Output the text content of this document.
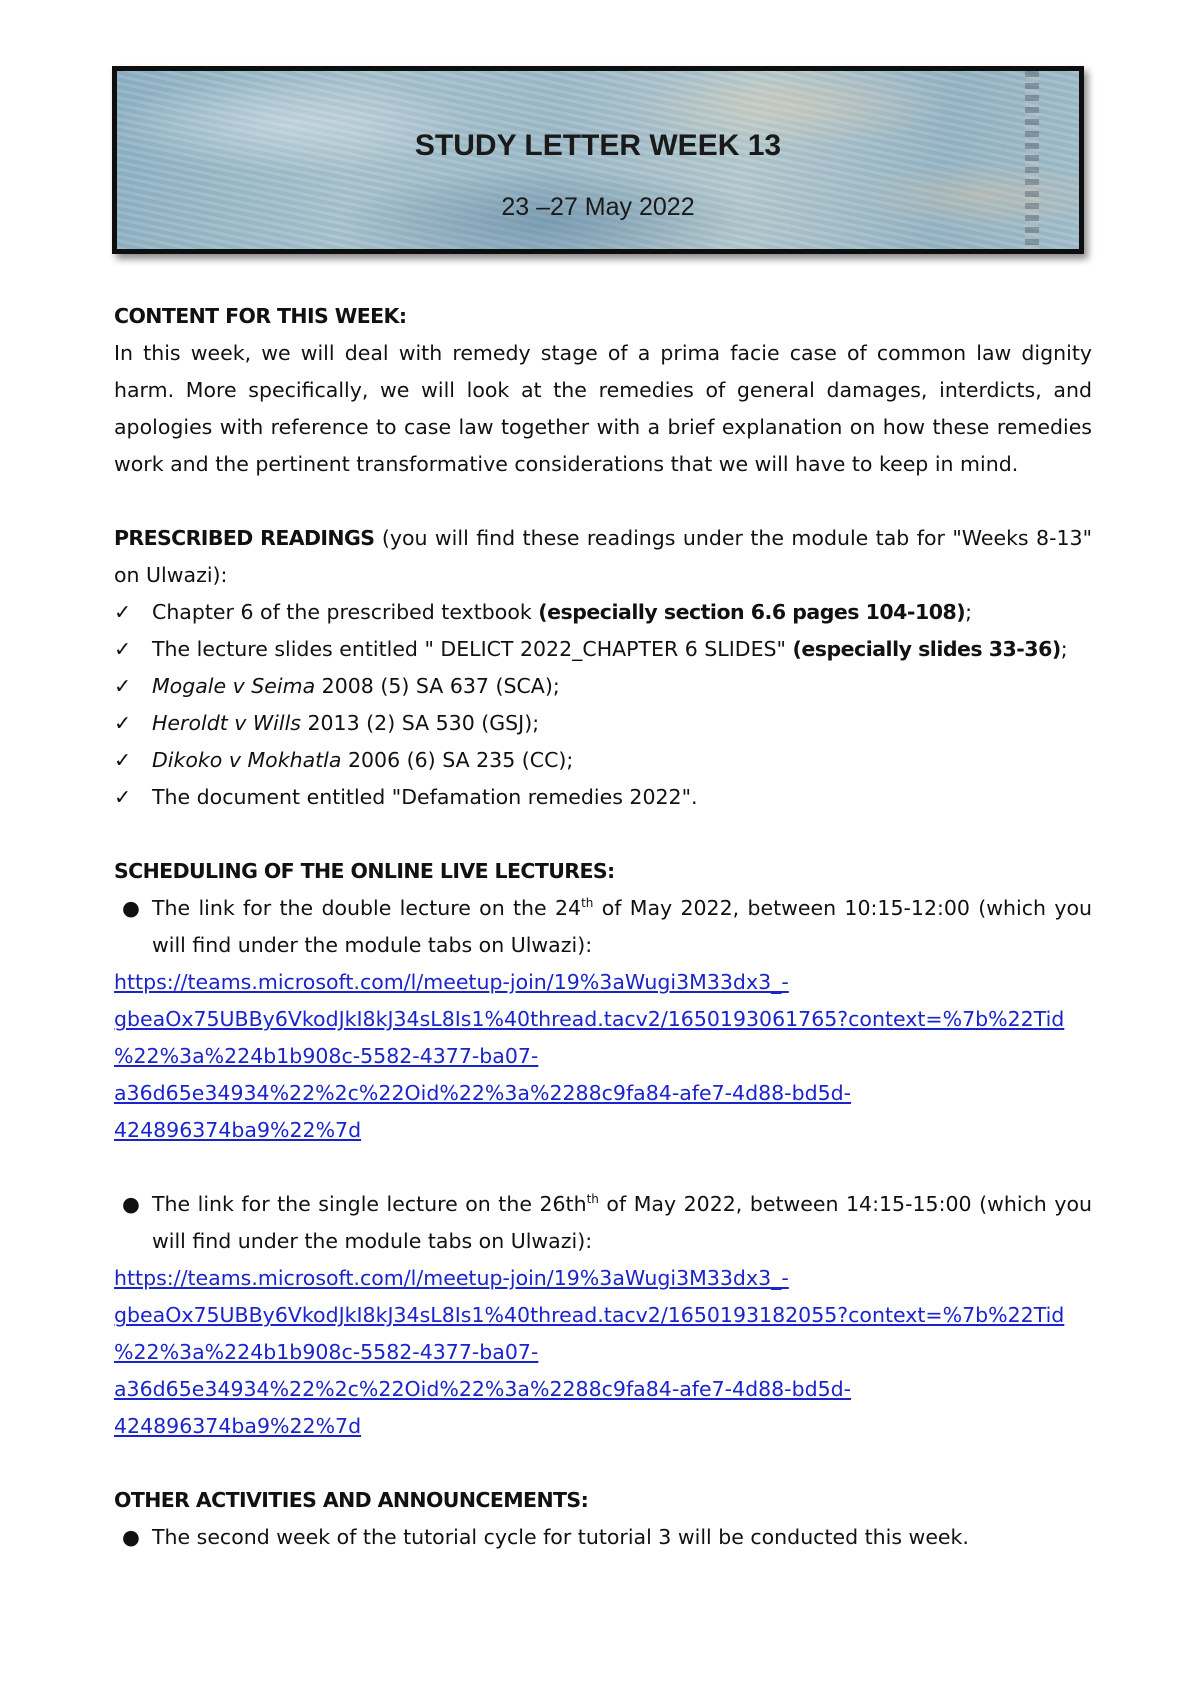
STUDY LETTER WEEK 13
23 –27 May 2022
CONTENT FOR THIS WEEK:

In this week, we will deal with remedy stage of a prima facie case of common law dignity harm. More specifically, we will look at the remedies of general damages, interdicts, and apologies with reference to case law together with a brief explanation on how these remedies work and the pertinent transformative considerations that we will have to keep in mind.

PRESCRIBED READINGS (you will find these readings under the module tab for "Weeks 8-13" on Ulwazi):

✓ Chapter 6 of the prescribed textbook (especially section 6.6 pages 104-108);
✓ The lecture slides entitled " DELICT 2022_CHAPTER 6 SLIDES" (especially slides 33-36);
✓ Mogale v Seima 2008 (5) SA 637 (SCA);
✓ Heroldt v Wills 2013 (2) SA 530 (GSJ);
✓ Dikoko v Mokhatla 2006 (6) SA 235 (CC);
✓ The document entitled "Defamation remedies 2022".
SCHEDULING OF THE ONLINE LIVE LECTURES:
● The link for the double lecture on the 24th of May 2022, between 10:15-12:00 (which you will find under the module tabs on Ulwazi):
https://teams.microsoft.com/l/meetup-join/19%3aWugi3M33dx3_-
gbeaOx75UBBy6VkodJkI8kJ34sL8Is1%40thread.tacv2/1650193061765?context=%7b%22Tid
%22%3a%224b1b908c-5582-4377-ba07-
a36d65e34934%22%2c%22Oid%22%3a%2288c9fa84-afe7-4d88-bd5d-
424896374ba9%22%7d
● The link for the single lecture on the $26th^{th}$ of May 2022, between 14:15-15:00 (which you will find under the module tabs on Ulwazi):
https://teams.microsoft.com/l/meetup-join/19%3aWugi3M33dx3_-
gbeaOx75UBBy6VkodJkI8kJ34sL8Is1%40thread.tacv2/1650193182055?context=%7b%22Tid
%22%3a%224b1b908c-5582-4377-ba07-
a36d65e34934%22%2c%22Oid%22%3a%2288c9fa84-afe7-4d88-bd5d-
424896374ba9%22%7d
OTHER ACTIVITIES AND ANNOUNCEMENTS:
● The second week of the tutorial cycle for tutorial 3 will be conducted this week.
